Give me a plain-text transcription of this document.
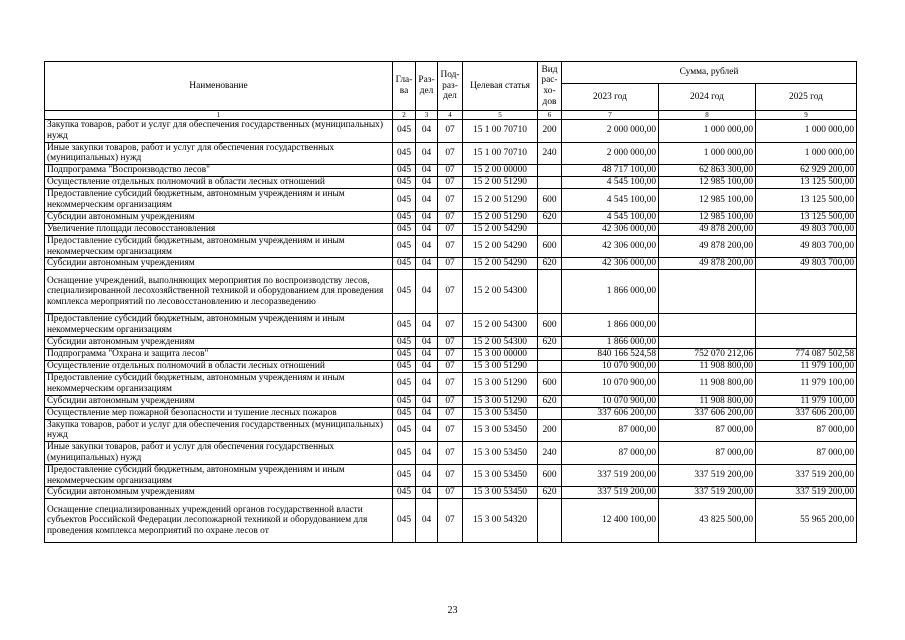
Наименование	Гла-ва	Раз-дел	Под-раз-дел	Целевая статья	Вид рас-хо-дов	Сумма, рублей		
						2023 год	2024 год	2025 год
1	2	3	4	5	6	7	8	9
Закупка товаров, работ и услуг для обеспечения государственных (муниципальных) нужд	045	04	07	15 1 00 70710	200	2 000 000,00	1 000 000,00	1 000 000,00
Иные закупки товаров, работ и услуг для обеспечения государственных (муниципальных) нужд	045	04	07	15 1 00 70710	240	2 000 000,00	1 000 000,00	1 000 000,00
Подпрограмма "Воспроизводство лесов"	045	04	07	15 2 00 00000		48 717 100,00	62 863 300,00	62 929 200,00
Осуществление отдельных полномочий в области лесных отношений	045	04	07	15 2 00 51290		4 545 100,00	12 985 100,00	13 125 500,00
Предоставление субсидий бюджетным, автономным учреждениям и иным некоммерческим организациям	045	04	07	15 2 00 51290	600	4 545 100,00	12 985 100,00	13 125 500,00
Субсидии автономным учреждениям	045	04	07	15 2 00 51290	620	4 545 100,00	12 985 100,00	13 125 500,00
Увеличение площади лесовосстановления	045	04	07	15 2 00 54290		42 306 000,00	49 878 200,00	49 803 700,00
Предоставление субсидий бюджетным, автономным учреждениям и иным некоммерческим организациям	045	04	07	15 2 00 54290	600	42 306 000,00	49 878 200,00	49 803 700,00
Субсидии автономным учреждениям	045	04	07	15 2 00 54290	620	42 306 000,00	49 878 200,00	49 803 700,00
Оснащение учреждений, выполняющих мероприятия по воспроизводству лесов, специализированной лесохозяйственной техникой и оборудованием для проведения комплекса мероприятий по лесовосстановлению и лесоразведению	045	04	07	15 2 00 54300		1 866 000,00		
Предоставление субсидий бюджетным, автономным учреждениям и иным некоммерческим организациям	045	04	07	15 2 00 54300	600	1 866 000,00		
Субсидии автономным учреждениям	045	04	07	15 2 00 54300	620	1 866 000,00		
Подпрограмма "Охрана и защита лесов"	045	04	07	15 3 00 00000		840 166 524,58	752 070 212,06	774 087 502,58
Осуществление отдельных полномочий в области лесных отношений	045	04	07	15 3 00 51290		10 070 900,00	11 908 800,00	11 979 100,00
Предоставление субсидий бюджетным, автономным учреждениям и иным некоммерческим организациям	045	04	07	15 3 00 51290	600	10 070 900,00	11 908 800,00	11 979 100,00
Субсидии автономным учреждениям	045	04	07	15 3 00 51290	620	10 070 900,00	11 908 800,00	11 979 100,00
Осуществление мер пожарной безопасности и тушение лесных пожаров	045	04	07	15 3 00 53450		337 606 200,00	337 606 200,00	337 606 200,00
Закупка товаров, работ и услуг для обеспечения государственных (муниципальных) нужд	045	04	07	15 3 00 53450	200	87 000,00	87 000,00	87 000,00
Иные закупки товаров, работ и услуг для обеспечения государственных (муниципальных) нужд	045	04	07	15 3 00 53450	240	87 000,00	87 000,00	87 000,00
Предоставление субсидий бюджетным, автономным учреждениям и иным некоммерческим организациям	045	04	07	15 3 00 53450	600	337 519 200,00	337 519 200,00	337 519 200,00
Субсидии автономным учреждениям	045	04	07	15 3 00 53450	620	337 519 200,00	337 519 200,00	337 519 200,00
Оснащение специализированных учреждений органов государственной власти субъектов Российской Федерации лесопожарной техникой и оборудованием для проведения комплекса мероприятий по охране лесов от	045	04	07	15 3 00 54320		12 400 100,00	43 825 500,00	55 965 200,00
23
